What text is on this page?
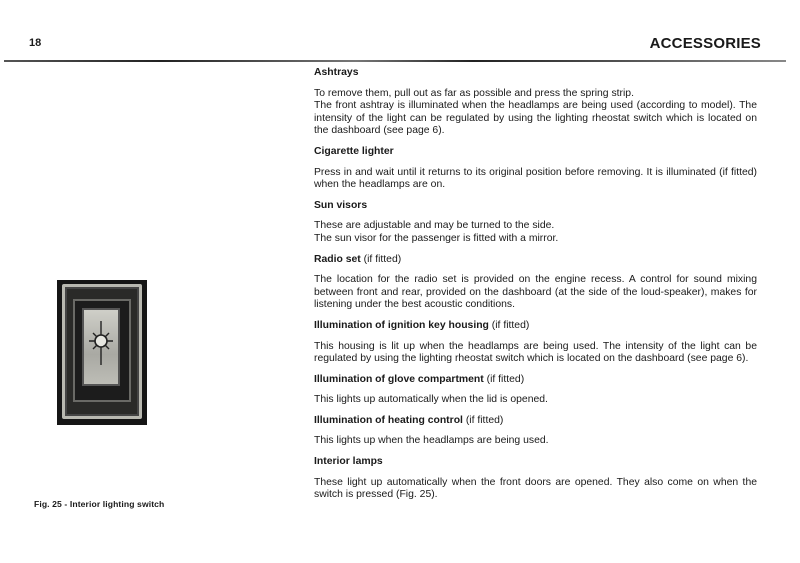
18	ACCESSORIES
Fig. 25 - Interior lighting switch
Ashtrays

To remove them, pull out as far as possible and press the spring strip.

The front ashtray is illuminated when the headlamps are being used (according to model). The intensity of the light can be regulated by using the lighting rheostat switch which is located on the dashboard (see page 6).

Cigarette lighter

Press in and wait until it returns to its original position before removing. It is illuminated (if fitted) when the headlamps are on.

Sun visors

These are adjustable and may be turned to the side.

The sun visor for the passenger is fitted with a mirror.

Radio set (if fitted)

The location for the radio set is provided on the engine recess. A control for sound mixing between front and rear, provided on the dashboard (at the side of the loud-speaker), makes for listening under the best acoustic conditions.

Illumination of ignition key housing (if fitted)

This housing is lit up when the headlamps are being used. The intensity of the light can be regulated by using the lighting rheostat switch which is located on the dashboard (see page 6).

Illumination of glove compartment (if fitted)

This lights up automatically when the lid is opened.

Illumination of heating control (if fitted)

This lights up when the headlamps are being used.

Interior lamps

These light up automatically when the front doors are opened. They also come on when the switch is pressed (Fig. 25).
